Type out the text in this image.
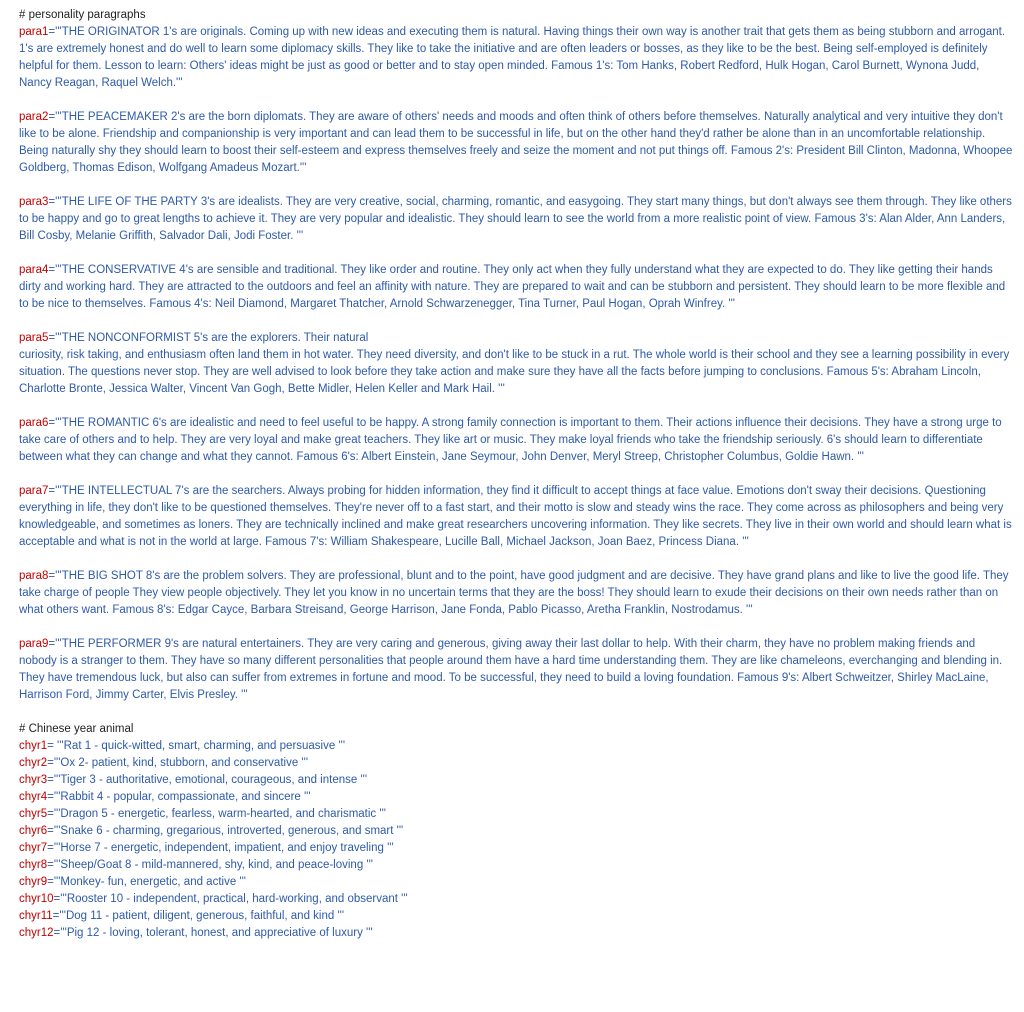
# personality paragraphs
para1='''THE ORIGINATOR 1's are originals. Coming up with new ideas and executing them is natural. Having things their own way is another trait that gets them as being stubborn and arrogant. 1's are extremely honest and do well to learn some diplomacy skills. They like to take the initiative and are often leaders or bosses, as they like to be the best. Being self-employed is definitely helpful for them. Lesson to learn: Others' ideas might be just as good or better and to stay open minded. Famous 1's: Tom Hanks, Robert Redford, Hulk Hogan, Carol Burnett, Wynona Judd, Nancy Reagan, Raquel Welch.'''
para2='''THE PEACEMAKER 2's are the born diplomats. They are aware of others' needs and moods and often think of others before themselves. Naturally analytical and very intuitive they don't like to be alone. Friendship and companionship is very important and can lead them to be successful in life, but on the other hand they'd rather be alone than in an uncomfortable relationship. Being naturally shy they should learn to boost their self-esteem and express themselves freely and seize the moment and not put things off. Famous 2's: President Bill Clinton, Madonna, Whoopee Goldberg, Thomas Edison, Wolfgang Amadeus Mozart.'''
para3='''THE LIFE OF THE PARTY 3's are idealists. They are very creative, social, charming, romantic, and easygoing. They start many things, but don't always see them through. They like others to be happy and go to great lengths to achieve it. They are very popular and idealistic. They should learn to see the world from a more realistic point of view. Famous 3's: Alan Alder, Ann Landers, Bill Cosby, Melanie Griffith, Salvador Dali, Jodi Foster. '''
para4='''THE CONSERVATIVE 4's are sensible and traditional. They like order and routine. They only act when they fully understand what they are expected to do. They like getting their hands dirty and working hard. They are attracted to the outdoors and feel an affinity with nature. They are prepared to wait and can be stubborn and persistent. They should learn to be more flexible and to be nice to themselves. Famous 4's: Neil Diamond, Margaret Thatcher, Arnold Schwarzenegger, Tina Turner, Paul Hogan, Oprah Winfrey. '''
para5='''THE NONCONFORMIST 5's are the explorers. Their natural
curiosity, risk taking, and enthusiasm often land them in hot water. They need diversity, and don't like to be stuck in a rut. The whole world is their school and they see a learning possibility in every situation. The questions never stop. They are well advised to look before they take action and make sure they have all the facts before jumping to conclusions. Famous 5's: Abraham Lincoln, Charlotte Bronte, Jessica Walter, Vincent Van Gogh, Bette Midler, Helen Keller and Mark Hail. '''
para6='''THE ROMANTIC 6's are idealistic and need to feel useful to be happy. A strong family connection is important to them. Their actions influence their decisions. They have a strong urge to take care of others and to help. They are very loyal and make great teachers. They like art or music. They make loyal friends who take the friendship seriously. 6's should learn to differentiate between what they can change and what they cannot. Famous 6's: Albert Einstein, Jane Seymour, John Denver, Meryl Streep, Christopher Columbus, Goldie Hawn. '''
para7='''THE INTELLECTUAL 7's are the searchers. Always probing for hidden information, they find it difficult to accept things at face value. Emotions don't sway their decisions. Questioning everything in life, they don't like to be questioned themselves. They're never off to a fast start, and their motto is slow and steady wins the race. They come across as philosophers and being very knowledgeable, and sometimes as loners. They are technically inclined and make great researchers uncovering information. They like secrets. They live in their own world and should learn what is acceptable and what is not in the world at large. Famous 7's: William Shakespeare, Lucille Ball, Michael Jackson, Joan Baez, Princess Diana. '''
para8='''THE BIG SHOT 8's are the problem solvers. They are professional, blunt and to the point, have good judgment and are decisive. They have grand plans and like to live the good life. They take charge of people They view people objectively. They let you know in no uncertain terms that they are the boss! They should learn to exude their decisions on their own needs rather than on what others want. Famous 8's: Edgar Cayce, Barbara Streisand, George Harrison, Jane Fonda, Pablo Picasso, Aretha Franklin, Nostrodamus. '''
para9='''THE PERFORMER 9's are natural entertainers. They are very caring and generous, giving away their last dollar to help. With their charm, they have no problem making friends and nobody is a stranger to them. They have so many different personalities that people around them have a hard time understanding them. They are like chameleons, everchanging and blending in. They have tremendous luck, but also can suffer from extremes in fortune and mood. To be successful, they need to build a loving foundation. Famous 9's: Albert Schweitzer, Shirley MacLaine, Harrison Ford, Jimmy Carter, Elvis Presley. '''
# Chinese year animal
chyr1= '''Rat 1 - quick-witted, smart, charming, and persuasive '''
chyr2='''Ox 2- patient, kind, stubborn, and conservative '''
chyr3='''Tiger 3 - authoritative, emotional, courageous, and intense '''
chyr4='''Rabbit 4 - popular, compassionate, and sincere '''
chyr5='''Dragon 5 - energetic, fearless, warm-hearted, and charismatic '''
chyr6='''Snake 6 - charming, gregarious, introverted, generous, and smart '''
chyr7='''Horse 7 - energetic, independent, impatient, and enjoy traveling '''
chyr8='''Sheep/Goat 8 - mild-mannered, shy, kind, and peace-loving '''
chyr9='''Monkey- fun, energetic, and active '''
chyr10='''Rooster 10 - independent, practical, hard-working, and observant '''
chyr11='''Dog 11 - patient, diligent, generous, faithful, and kind '''
chyr12='''Pig 12 - loving, tolerant, honest, and appreciative of luxury '''
